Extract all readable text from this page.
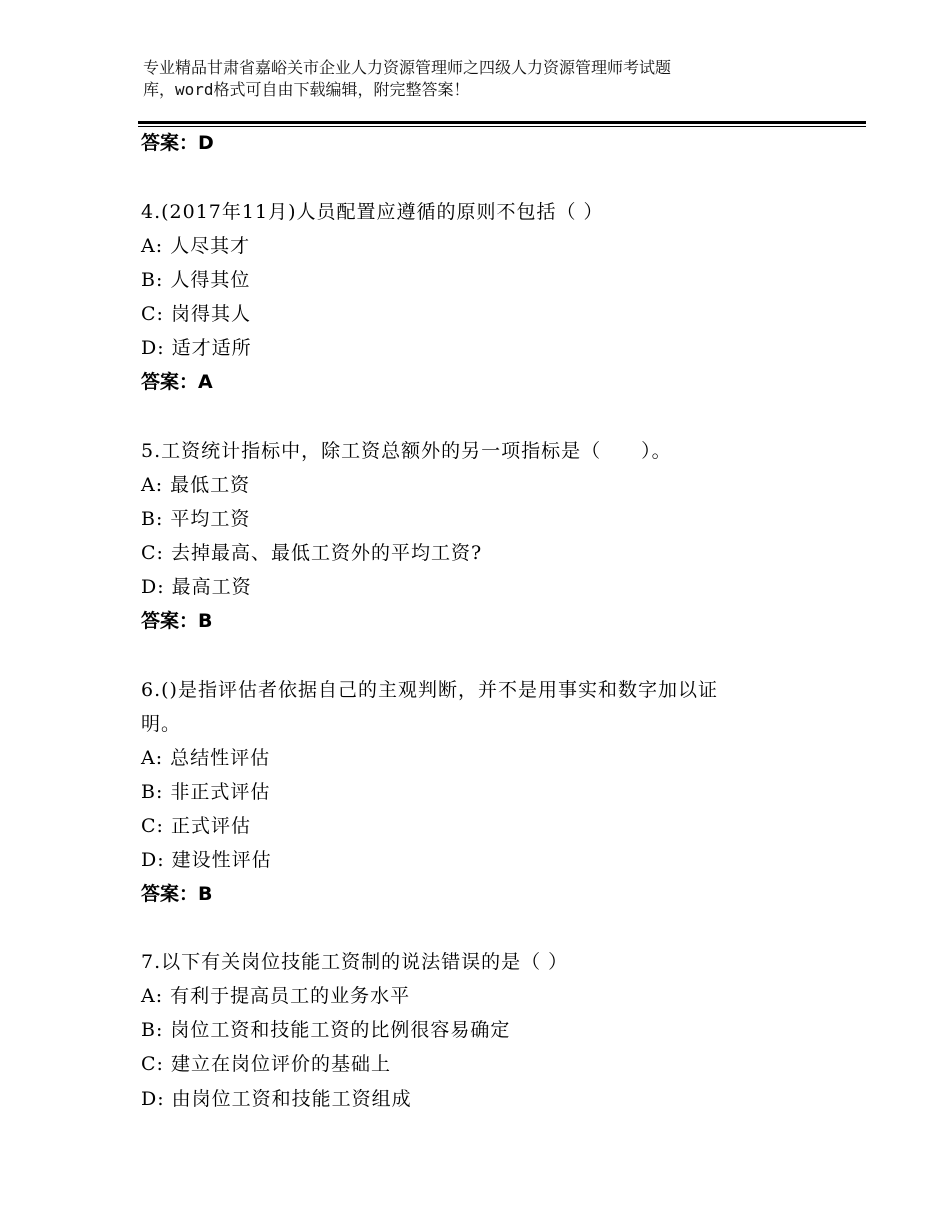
专业精品甘肃省嘉峪关市企业人力资源管理师之四级人力资源管理师考试题
库，word格式可自由下载编辑，附完整答案！
答案：D
4.(2017年11月)人员配置应遵循的原则不包括（ ）
A: 人尽其才
B: 人得其位
C: 岗得其人
D: 适才适所
答案：A
5.工资统计指标中，除工资总额外的另一项指标是（　　）。
A: 最低工资
B: 平均工资
C: 去掉最高、最低工资外的平均工资?
D: 最高工资
答案：B
6.()是指评估者依据自己的主观判断，并不是用事实和数字加以证
明。
A: 总结性评估
B: 非正式评估
C: 正式评估
D: 建设性评估
答案：B
7.以下有关岗位技能工资制的说法错误的是（ ）
A: 有利于提高员工的业务水平
B: 岗位工资和技能工资的比例很容易确定
C: 建立在岗位评价的基础上
D: 由岗位工资和技能工资组成
